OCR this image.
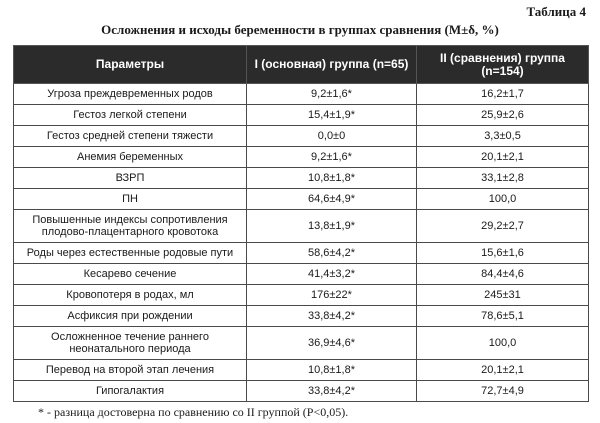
Таблица 4
Осложнения и исходы беременности в группах сравнения (M±δ, %)
Параметры	I (основная) группа (n=65)	II (сравнения) группа (n=154)
Угроза преждевременных родов	9,2±1,6*	16,2±1,7
Гестоз легкой степени	15,4±1,9*	25,9±2,6
Гестоз средней степени тяжести	0,0±0	3,3±0,5
Анемия беременных	9,2±1,6*	20,1±2,1
ВЗРП	10,8±1,8*	33,1±2,8
ПН	64,6±4,9*	100,0
Повышенные индексы сопротивления плодово-плацентарного кровотока	13,8±1,9*	29,2±2,7
Роды через естественные родовые пути	58,6±4,2*	15,6±1,6
Кесарево сечение	41,4±3,2*	84,4±4,6
Кровопотеря в родах, мл	176±22*	245±31
Асфиксия при рождении	33,8±4,2*	78,6±5,1
Осложненное течение раннего неонатального периода	36,9±4,6*	100,0
Перевод на второй этап лечения	10,8±1,8*	20,1±2,1
Гипогалактия	33,8±4,2*	72,7±4,9
* - разница достоверна по сравнению со II группой (P<0,05).
